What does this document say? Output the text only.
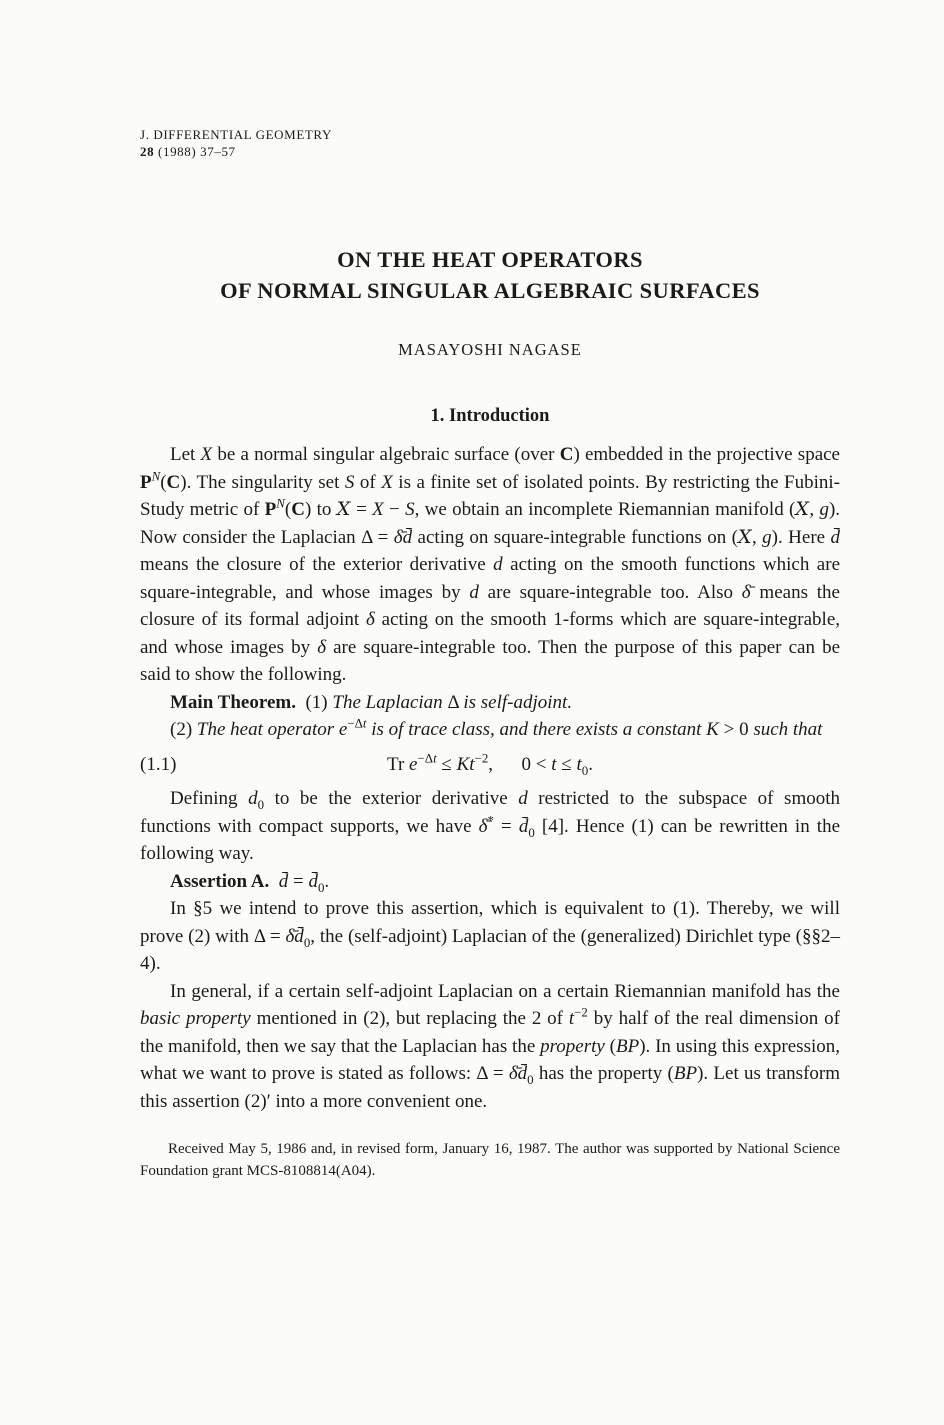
J. DIFFERENTIAL GEOMETRY
28 (1988) 37–57
ON THE HEAT OPERATORS
OF NORMAL SINGULAR ALGEBRAIC SURFACES
MASAYOSHI NAGASE
1. Introduction

Let X be a normal singular algebraic surface (over C) embedded in the projective space $P^N(C)$. The singularity set S of X is a finite set of isolated points. By restricting the Fubini-Study metric of $P^N(C)$ to X = X − S, we obtain an incomplete Riemannian manifold (X, g). Now consider the Laplacian Δ = δ̄d̄ acting on square-integrable functions on (X, g). Here d̄ means the closure of the exterior derivative d acting on the smooth functions which are square-integrable, and whose images by d are square-integrable too. Also δ̄ means the closure of its formal adjoint δ acting on the smooth 1-forms which are square-integrable, and whose images by δ are square-integrable too. Then the purpose of this paper can be said to show the following.

Main Theorem.  (1) The Laplacian Δ is self-adjoint.

(2) The heat operator $e^{-\Delta t}$ is of trace class, and there exists a constant K > 0 such that

(1.1)	Tr $e^{-\Delta t} \le Kt^{-2}$,      $0 < t \le t_0$.

Defining $d_0$ to be the exterior derivative d restricted to the subspace of smooth functions with compact supports, we have δ̄* = $d̄_0$ [4]. Hence (1) can be rewritten in the following way.

Assertion A. d̄ = $d̄_0$.

In §5 we intend to prove this assertion, which is equivalent to (1). Thereby, we will prove (2) with $\Delta = \deltād̄_0$, the (self-adjoint) Laplacian of the (generalized) Dirichlet type (§§2–4).

In general, if a certain self-adjoint Laplacian on a certain Riemannian manifold has the basic property mentioned in (2), but replacing the 2 of $t^{-2}$ by half of the real dimension of the manifold, then we say that the Laplacian has the property (BP). In using this expression, what we want to prove is stated as follows: $\Delta = \deltād̄_0$ has the property (BP). Let us transform this assertion (2)′ into a more convenient one.

Received May 5, 1986 and, in revised form, January 16, 1987. The author was supported by National Science Foundation grant MCS-8108814(A04).
